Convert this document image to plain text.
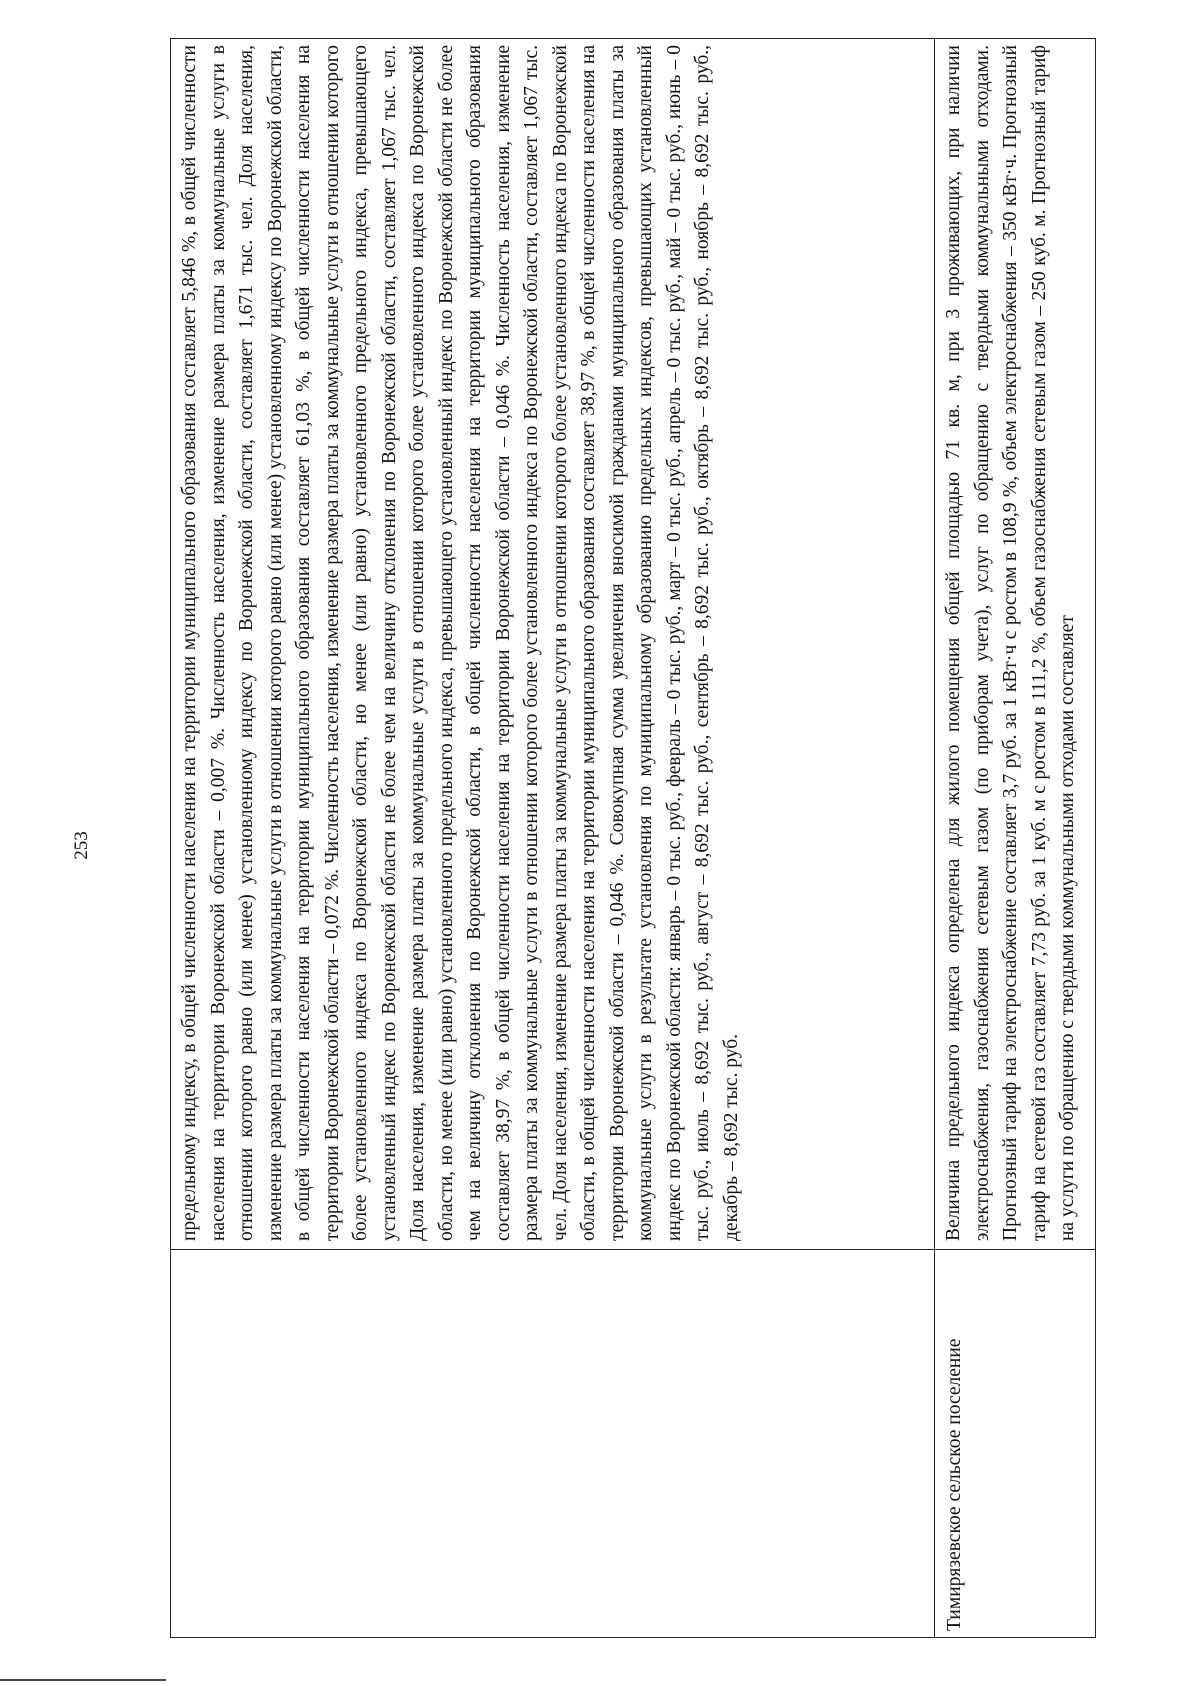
253	предельному индексу, в общей численности населения на территории муниципального образования составляет 5,846 %, в общей численности населения на территории Воронежской области – 0,007 %. Численность населения, изменение размера платы за коммунальные услуги в отношении которого равно (или менее) установленному индексу по Воронежской области, составляет 1,671 тыс. чел. Доля населения, изменение размера платы за коммунальные услуги в отношении которого равно (или менее) установленному индексу по Воронежской области, в общей численности населения на территории муниципального образования составляет 61,03 %, в общей численности населения на территории Воронежской области – 0,072 %. Численность населения, изменение размера платы за коммунальные услуги в отношении которого более установленного индекса по Воронежской области, но менее (или равно) установленного предельного индекса, превышающего установленный индекс по Воронежской области не более чем на величину отклонения по Воронежской области, составляет 1,067 тыс. чел. Доля населения, изменение размера платы за коммунальные услуги в отношении которого более установленного индекса по Воронежской области, но менее (или равно) установленного предельного индекса, превышающего установленный индекс по Воронежской области не более чем на величину отклонения по Воронежской области, в общей численности населения на территории муниципального образования составляет 38,97 %, в общей численности населения на территории Воронежской области – 0,046 %. Численность населения, изменение размера платы за коммунальные услуги в отношении которого более установленного индекса по Воронежской области, составляет 1,067 тыс. чел. Доля населения, изменение размера платы за коммунальные услуги в отношении которого более установленного индекса по Воронежской области, в общей численности населения на территории муниципального образования составляет 38,97 %, в общей численности населения на территории Воронежской области – 0,046 %. Совокупная сумма увеличения вносимой гражданами муниципального образования платы за коммунальные услуги в результате установления по муниципальному образованию предельных индексов, превышающих установленный индекс по Воронежской области: январь – 0 тыс. руб., февраль – 0 тыс. руб., март – 0 тыс. руб., апрель – 0 тыс. руб., май – 0 тыс. руб., июнь – 0 тыс. руб., июль – 8,692 тыс. руб., август – 8,692 тыс. руб., сентябрь – 8,692 тыс. руб., октябрь – 8,692 тыс. руб., ноябрь – 8,692 тыс. руб., декабрь – 8,692 тыс. руб.
Тимирязевское сельское поселение
Величина предельного индекса определена для жилого помещения общей площадью 71 кв. м, при 3 проживающих, при наличии электроснабжения, газоснабжения сетевым газом (по приборам учета), услуг по обращению с твердыми коммунальными отходами. Прогнозный тариф на электроснабжение составляет 3,7 руб. за 1 кВт·ч с ростом в 108,9 %, объем электроснабжения – 350 кВт·ч. Прогнозный тариф на сетевой газ составляет 7,73 руб. за 1 куб. м с ростом в 111,2 %, объем газоснабжения сетевым газом – 250 куб. м. Прогнозный тариф на услуги по обращению с твердыми коммунальными отходами составляет
